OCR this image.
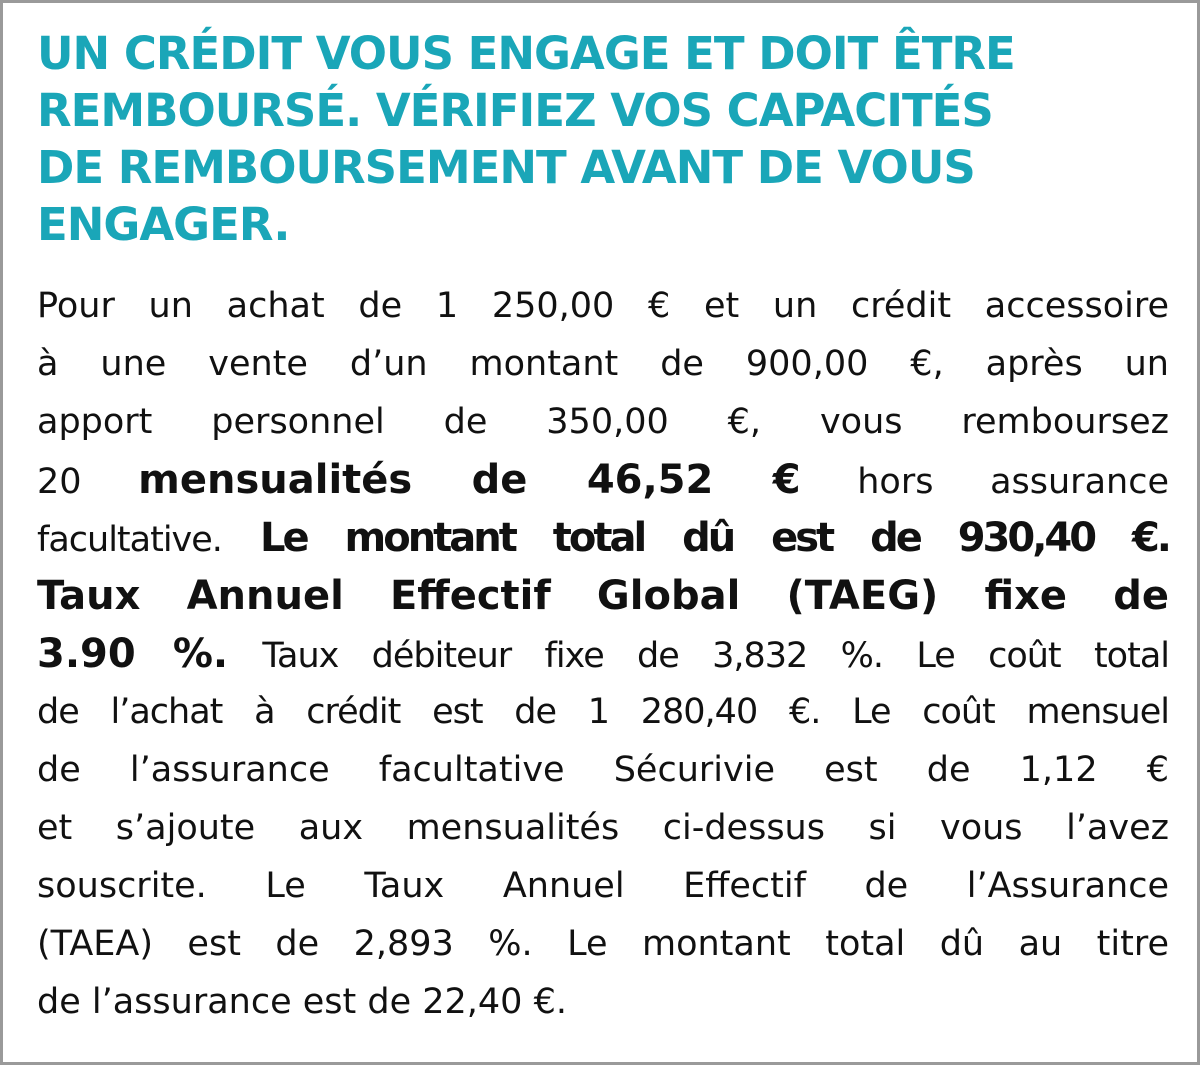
UN CRÉDIT VOUS ENGAGE ET DOIT ÊTRE
REMBOURSÉ. VÉRIFIEZ VOS CAPACITÉS
DE REMBOURSEMENT AVANT DE VOUS
ENGAGER.
Pour un achat de 1 250,00 € et un crédit accessoire
à une vente d’un montant de 900,00 €, après un
apport personnel de 350,00 €, vous remboursez
20 mensualités de 46,52 € hors assurance
facultative. Le montant total dû est de 930,40 €.
Taux Annuel Effectif Global (TAEG) fixe de
3.90 %. Taux débiteur fixe de 3,832 %. Le coût total
de l’achat à crédit est de 1 280,40 €. Le coût mensuel
de l’assurance facultative Sécurivie est de 1,12 €
et s’ajoute aux mensualités ci-dessus si vous l’avez
souscrite. Le Taux Annuel Effectif de l’Assurance
(TAEA) est de 2,893 %. Le montant total dû au titre
de l’assurance est de 22,40 €.
